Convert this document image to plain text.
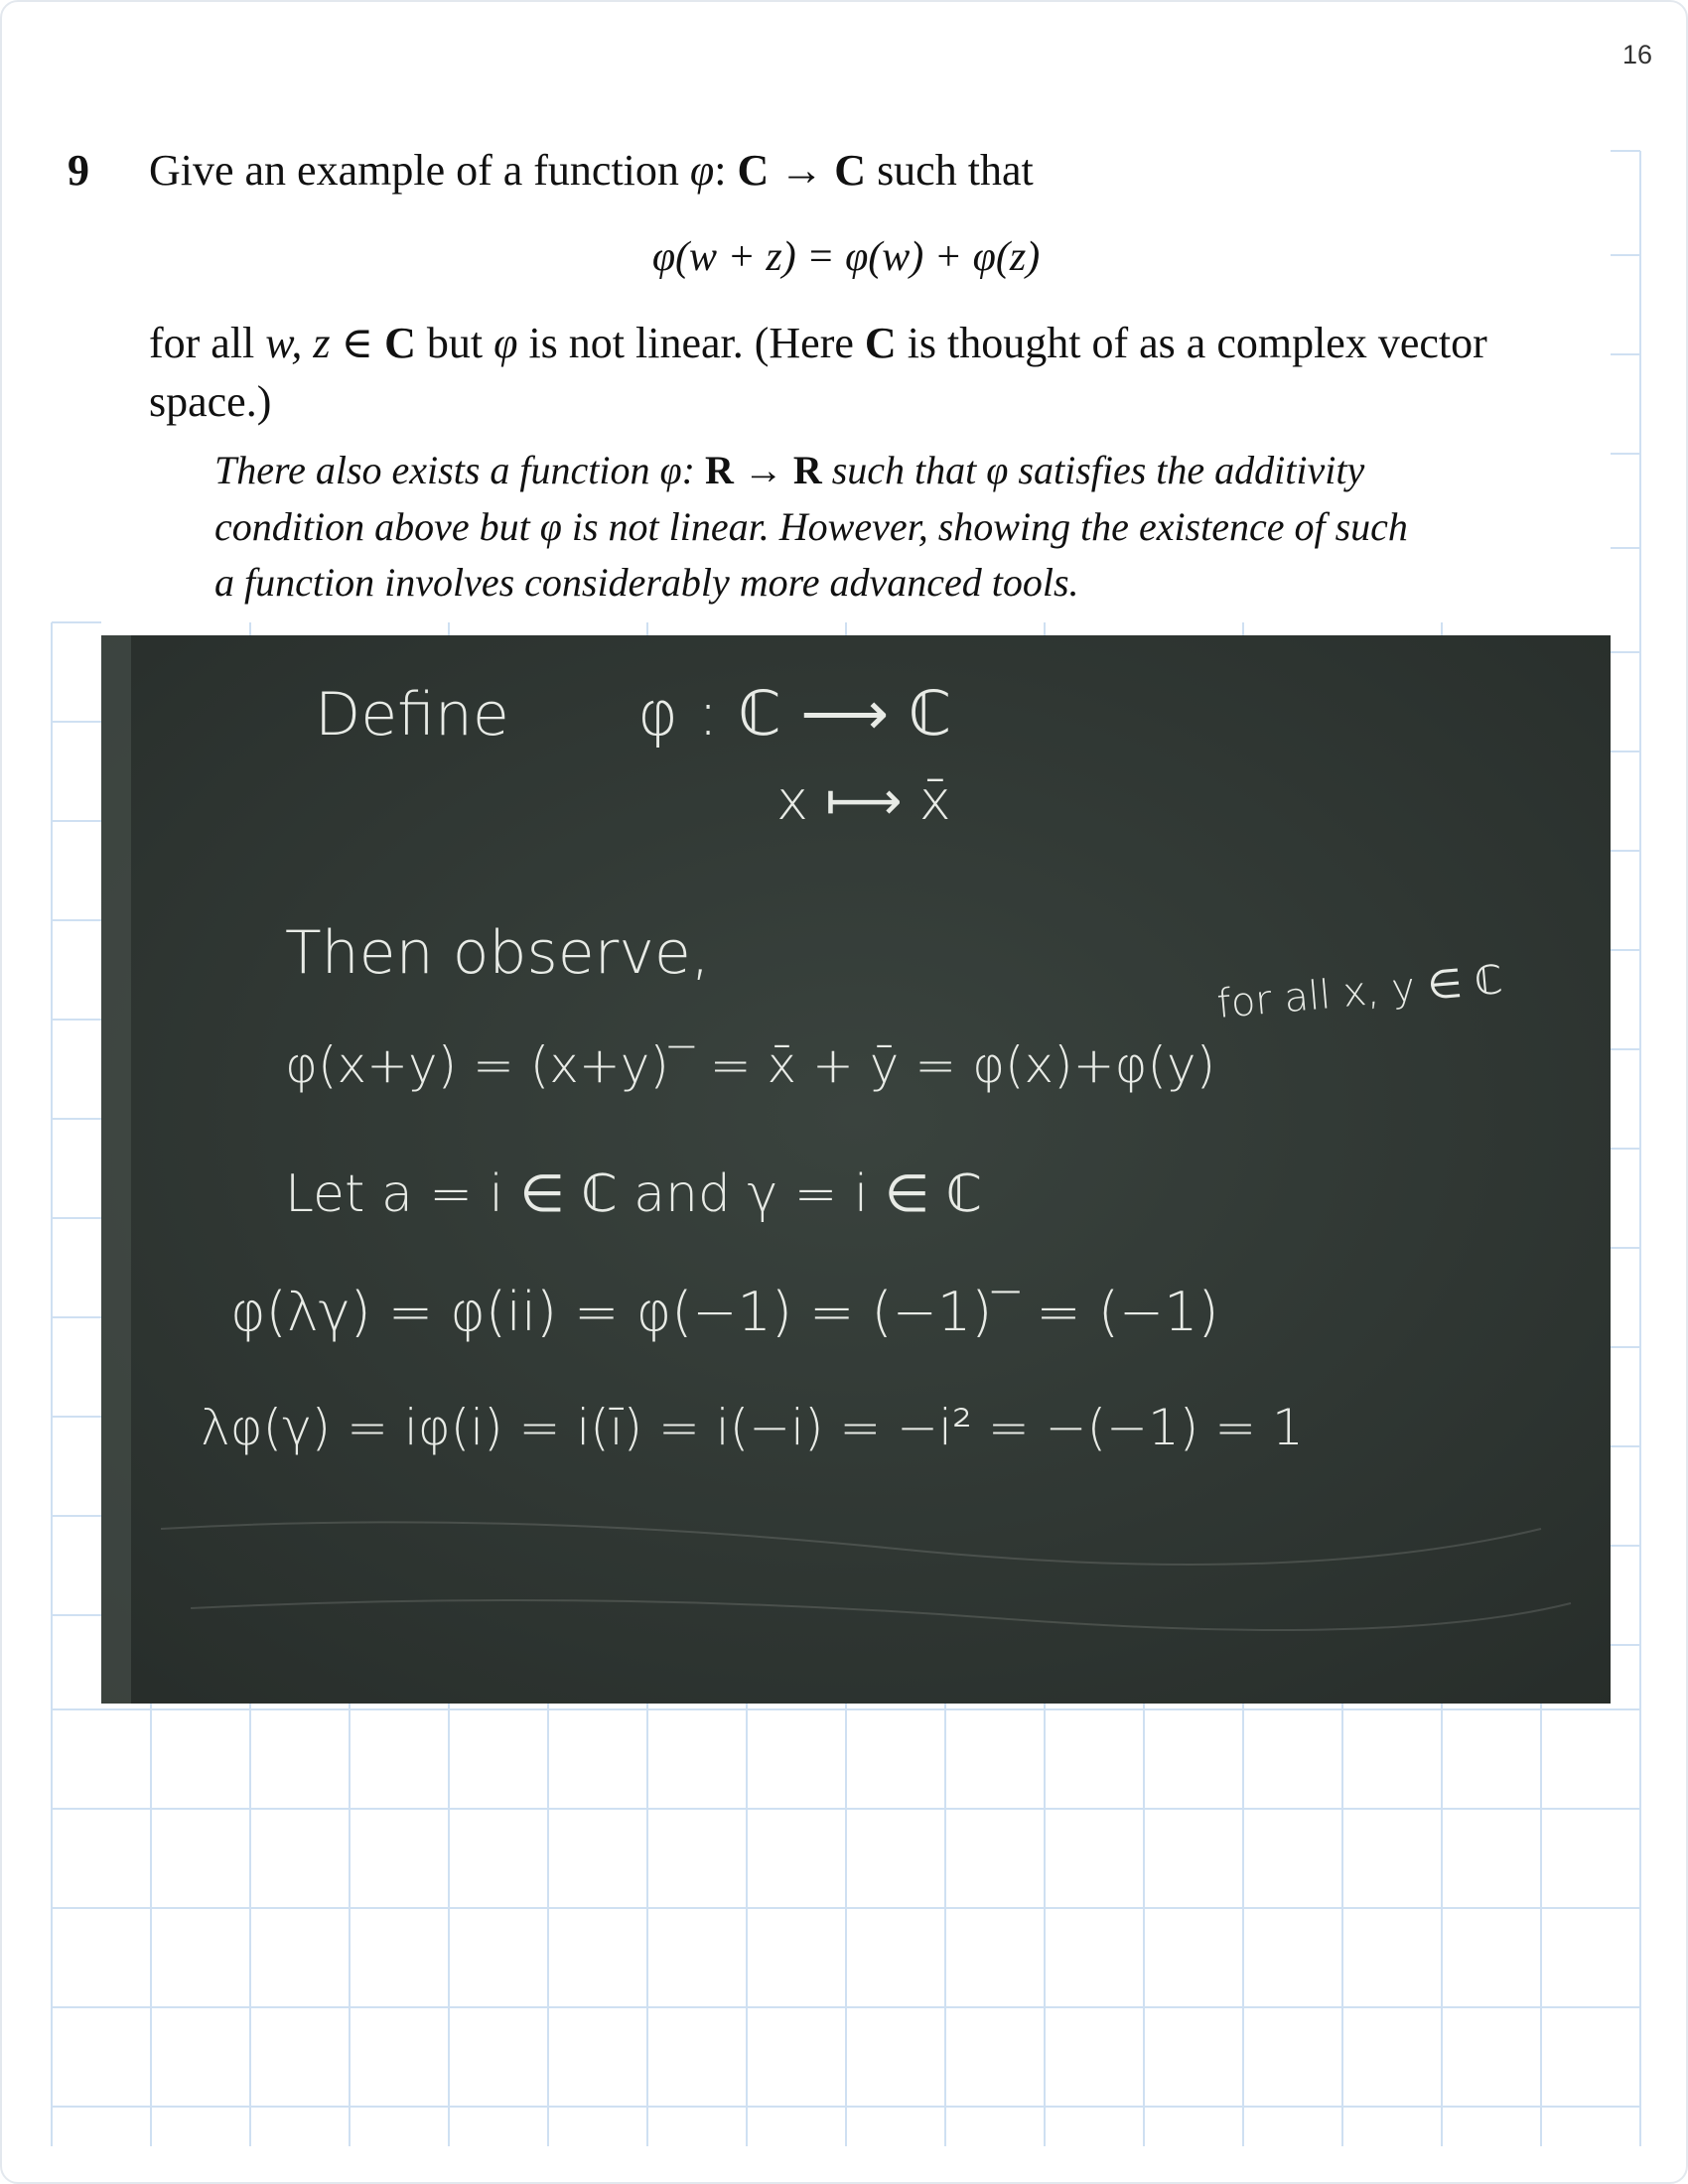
16
9 Give an example of a function φ: C → C such that
φ(w + z) = φ(w) + φ(z)
for all w, z ∈ C but φ is not linear. (Here C is thought of as a complex vector
space.)
There also exists a function φ: R → R such that φ satisfies the additivity
condition above but φ is not linear. However, showing the existence of such
a function involves considerably more advanced tools.
Define φ : ℂ ⟶ ℂ
x ⟼ x̄
Then observe,
φ(x+y) = (x+y)‾ = x̄ + ȳ = φ(x)+φ(y)
for all x, y ∈ ℂ
Let a = i ∈ ℂ and γ = i ∈ ℂ
φ(λγ) = φ(ii) = φ(−1) = (−1)‾ = (−1)
λφ(γ) = iφ(i) = i(ī) = i(−i) = −i² = −(−1) = 1
